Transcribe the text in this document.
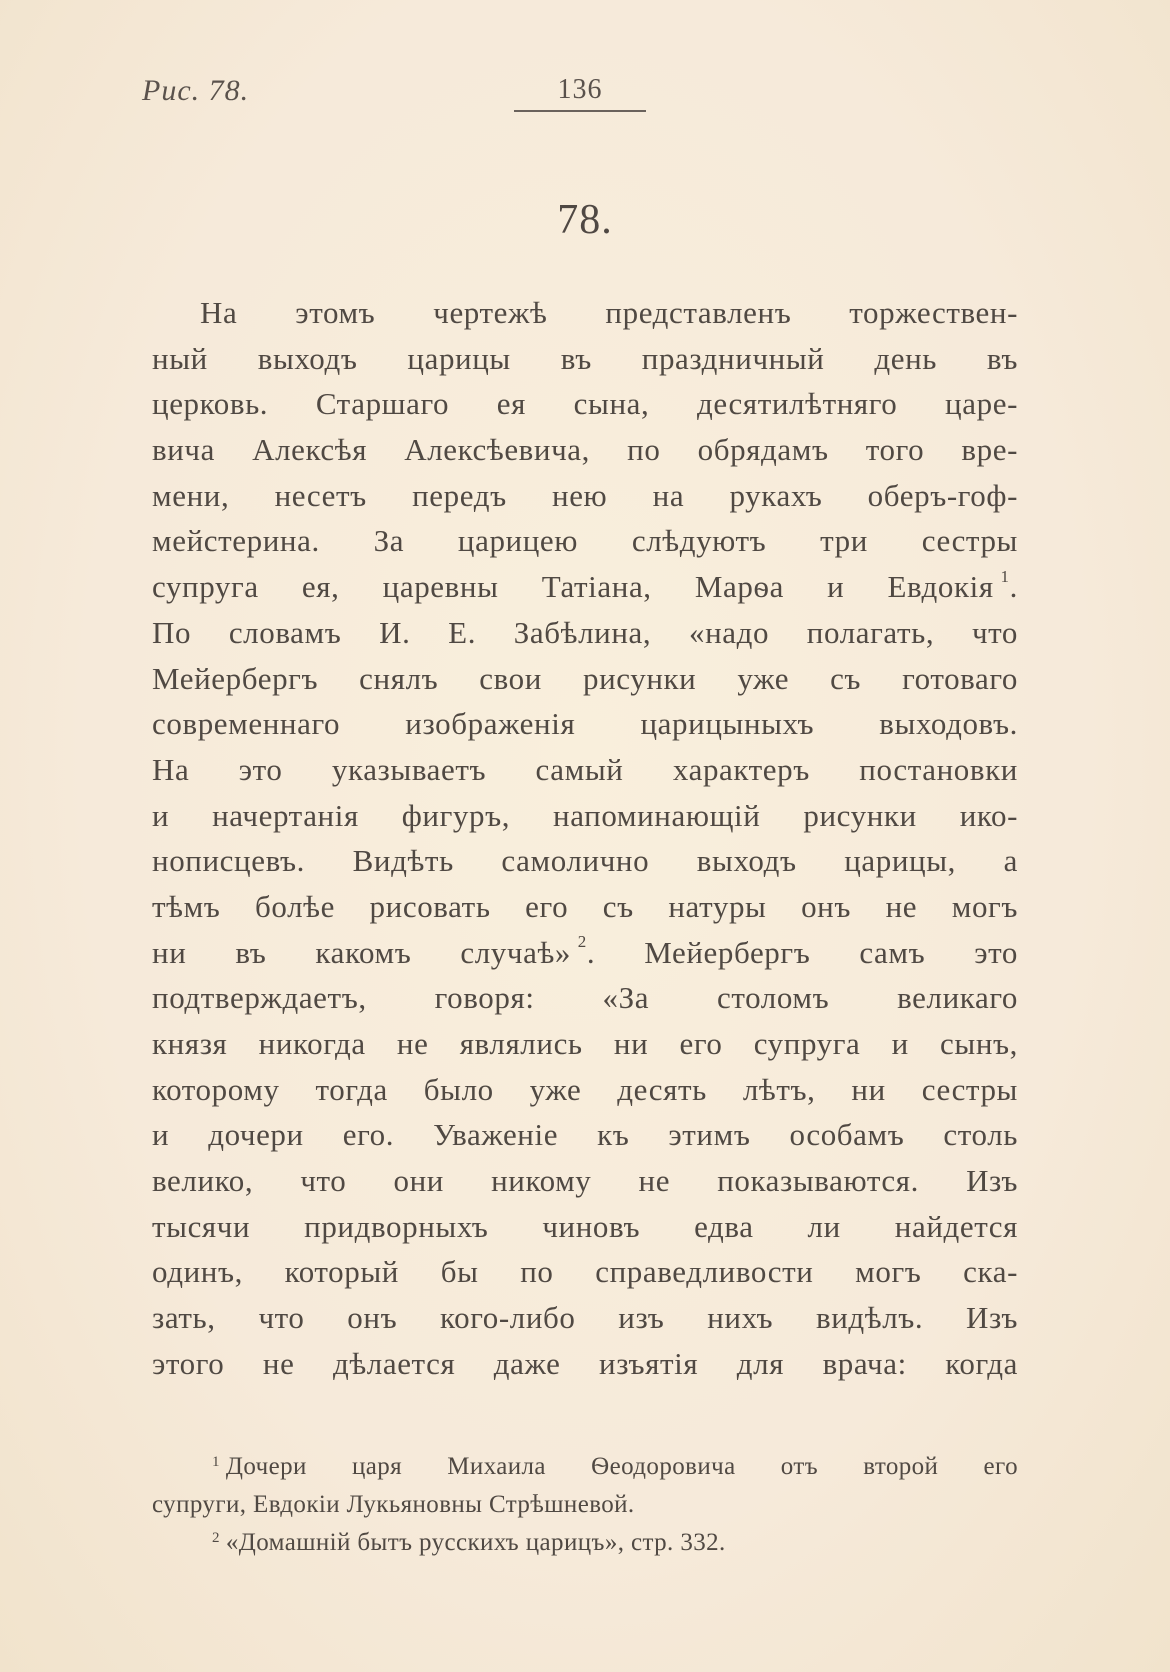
Рис. 78.	136
78.
На этомъ чертежѣ представленъ торжествен-
ный выходъ царицы въ праздничный день въ
церковь. Старшаго ея сына, десятилѣтняго царе-
вича Алексѣя Алексѣевича, по обрядамъ того вре-
мени, несетъ передъ нею на рукахъ оберъ-гоф-
мейстерина. За царицею слѣдуютъ три сестры
супруга ея, царевны Татіана, Марѳа и Евдокія  $^1$.
По словамъ И. Е. Забѣлина, «надо полагать, что
Мейербергъ снялъ свои рисунки уже съ готоваго
современнаго изображенія царицыныхъ выходовъ.
На это указываетъ самый характеръ постановки
и начертанія фигуръ, напоминающій рисунки ико-
нописцевъ. Видѣть самолично выходъ царицы, а
тѣмъ болѣе рисовать его съ натуры онъ не могъ
ни въ какомъ случаѣ»  $^2$. Мейербергъ самъ это
подтверждаетъ, говоря: «За столомъ великаго
князя никогда не являлись ни его супруга и сынъ,
которому тогда было уже десять лѣтъ, ни сестры
и дочери его. Уваженіе къ этимъ особамъ столь
велико, что они никому не показываются. Изъ
тысячи придворныхъ чиновъ едва ли найдется
одинъ, который бы по справедливости могъ ска-
зать, что онъ кого-либо изъ нихъ видѣлъ. Изъ
этого не дѣлается даже изъятія для врача: когда
$^1$ Дочери царя Михаила Ѳеодоровича отъ второй его
супруги, Евдокіи Лукьяновны Стрѣшневой.
$^2$ «Домашній бытъ русскихъ царицъ», стр. 332.
